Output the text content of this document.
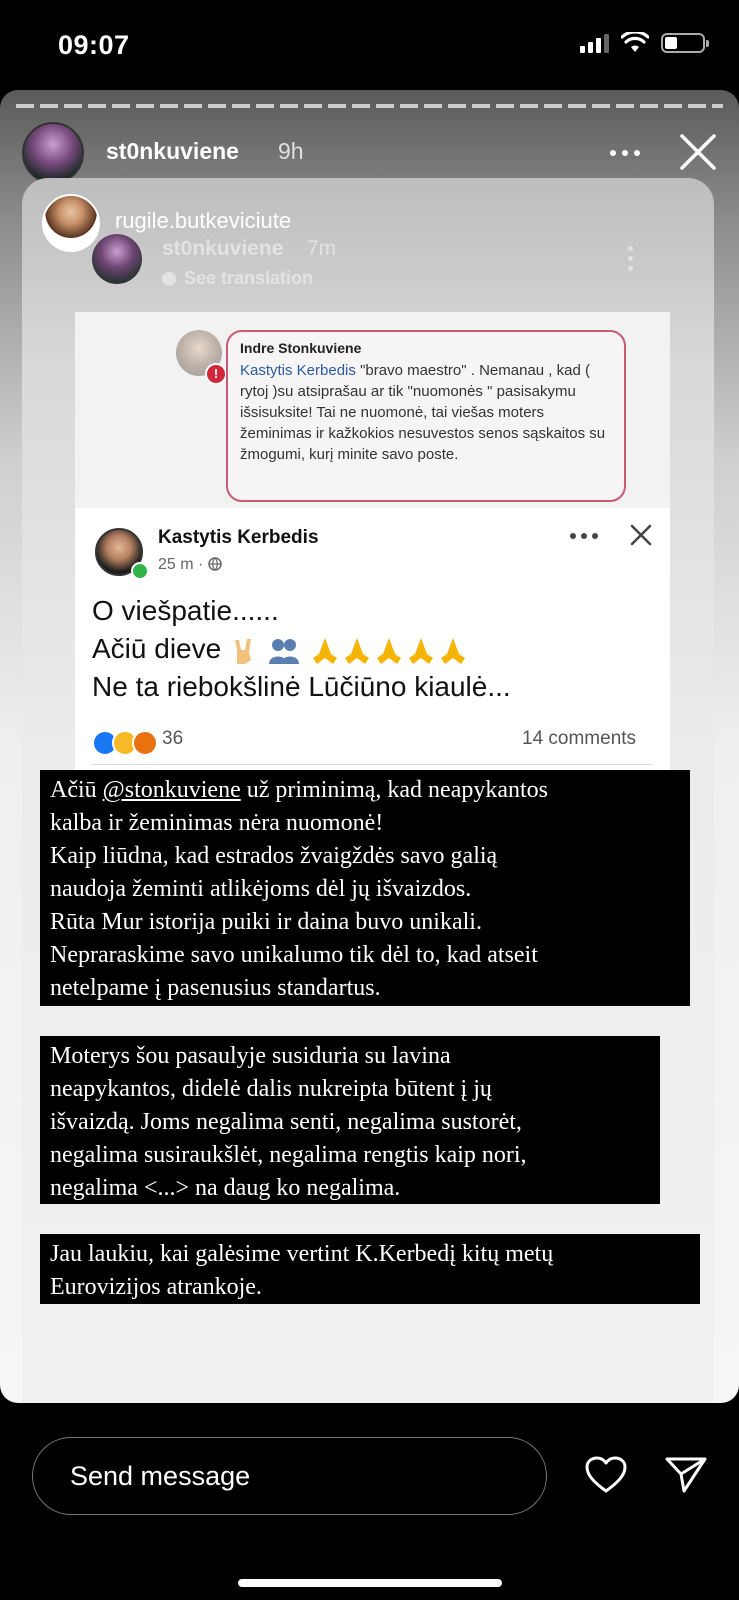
09:07
st0nkuviene 9h
rugile.butkeviciute
st0nkuviene 7m
See translation
!
Indre Stonkuviene
Kastytis Kerbedis "bravo maestro" . Nemanau , kad ( rytoj )su atsiprašau ar tik "nuomonės " pasisakymu išsisuksite! Tai ne nuomonė, tai viešas moters žeminimas ir kažkokios nesuvestos senos sąskaitos su žmogumi, kurį minite savo poste.
Kastytis Kerbedis
25 m ·
O viešpatie......
Ačiū dieve
Ne ta riebokšlinė Lūčiūno kiaulė...
36	14 comments
Ačiū @stonkuviene už priminimą, kad neapykantos
kalba ir žeminimas nėra nuomonė!
Kaip liūdna, kad estrados žvaigždės savo galią
naudoja žeminti atlikėjoms dėl jų išvaizdos.
Rūta Mur istorija puiki ir daina buvo unikali.
Nepraraskime savo unikalumo tik dėl to, kad atseit
netelpame į pasenusius standartus.
Moterys šou pasaulyje susiduria su lavina
neapykantos, didelė dalis nukreipta būtent į jų
išvaizdą. Joms negalima senti, negalima sustorėt,
negalima susiraukšlėt, negalima rengtis kaip nori,
negalima <...> na daug ko negalima.
Jau laukiu, kai galėsime vertint K.Kerbedį kitų metų
Eurovizijos atrankoje.
Send message
